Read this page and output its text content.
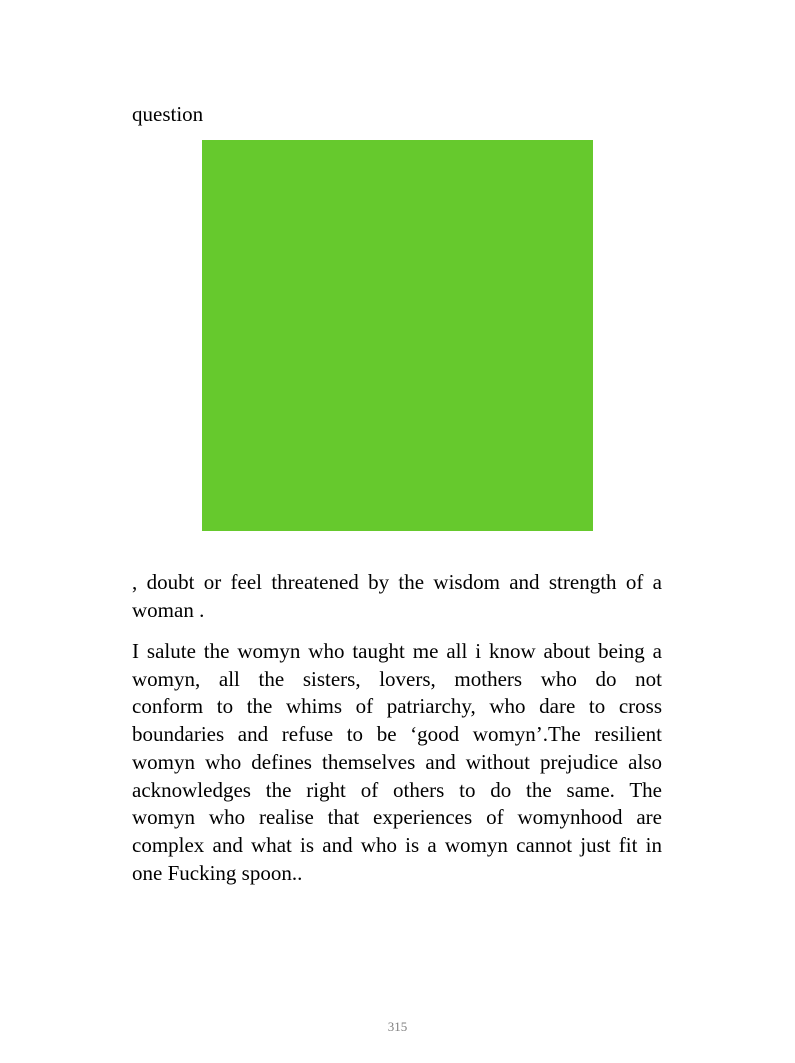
question
, doubt or feel threatened by the wisdom and strength of a
woman .
I salute the womyn who taught me all i know about being a
womyn, all the sisters, lovers, mothers who do not
conform to the whims of patriarchy, who dare to cross
boundaries and refuse to be ‘good womyn’.The resilient
womyn who defines themselves and without prejudice also
acknowledges the right of others to do the same. The
womyn who realise that experiences of womynhood are
complex and what is and who is a womyn cannot just fit in
one Fucking spoon..
315
